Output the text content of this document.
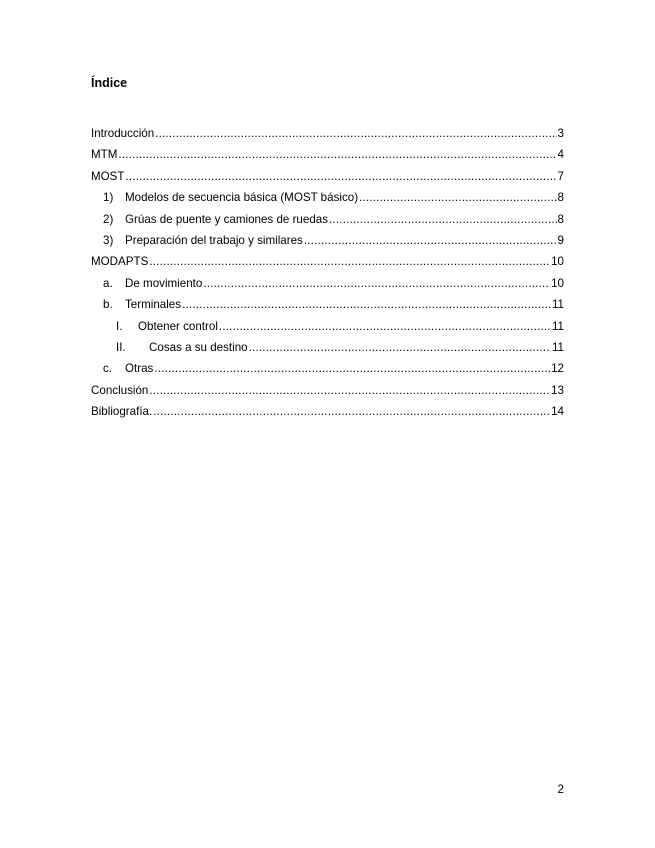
Índice
Introducción .....	3
MTM .....	4
MOST .....	7
1)	Modelos de secuencia básica (MOST básico) .....	8
2)	Grúas de puente y camiones de ruedas .....	8
3)	Preparación del trabajo y similares .....	9
MODAPTS .....	10
a.	De movimiento .....	10
b.	Terminales .....	11
I.	Obtener control .....	11
II.	Cosas a su destino .....	11
c.	Otras .....	12
Conclusión .....	13
Bibliografía. .....	14
2
